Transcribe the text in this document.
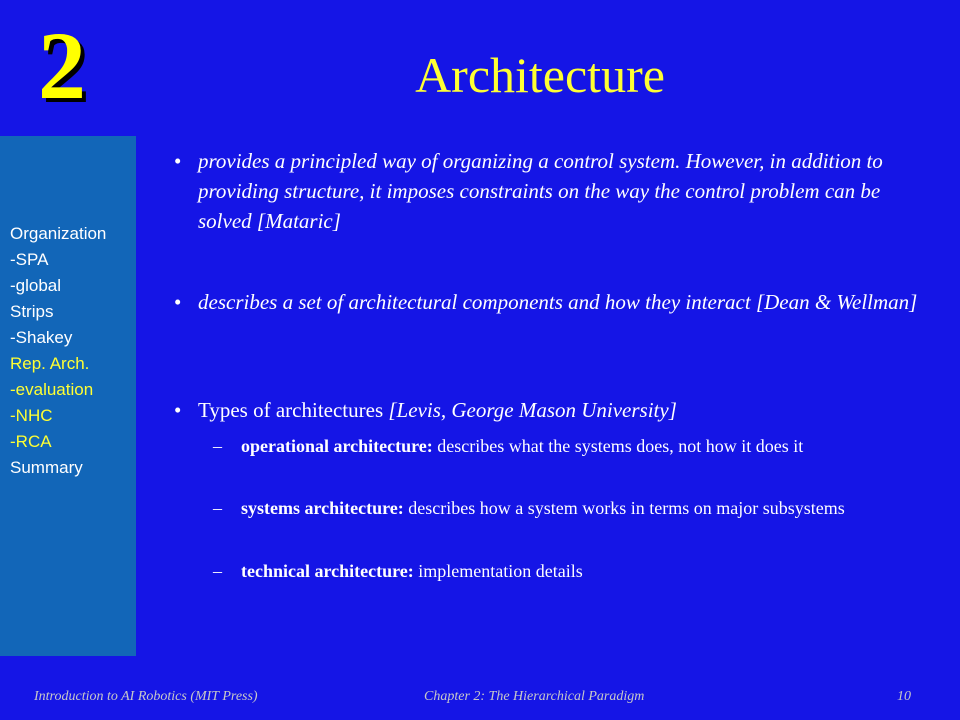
2	Architecture
Organization
-SPA
-global
Strips
-Shakey
Rep. Arch.
-evaluation
-NHC
-RCA
Summary
• provides a principled way of organizing a control system. However, in addition to providing structure, it imposes constraints on the way the control problem can be solved [Mataric]
• describes a set of architectural components and how they interact [Dean & Wellman]
• Types of architectures [Levis, George Mason University]
– operational architecture: describes what the systems does, not how it does it
– systems architecture: describes how a system works in terms on major subsystems
– technical architecture: implementation details
Introduction to AI Robotics (MIT Press)	Chapter 2: The Hierarchical Paradigm	10
